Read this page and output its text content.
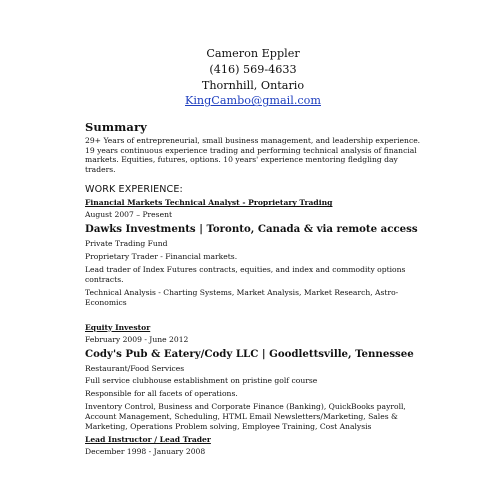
Cameron Eppler
(416) 569-4633
Thornhill, Ontario
KingCambo@gmail.com
Summary

29+ Years of entrepreneurial, small business management, and leadership experience. 19 years continuous experience trading and performing technical analysis of financial markets. Equities, futures, options. 10 years' experience mentoring fledgling day traders.

WORK EXPERIENCE:
Financial Markets Technical Analyst - Proprietary Trading
August 2007 – Present
Dawks Investments | Toronto, Canada & via remote access
Private Trading Fund
Proprietary Trader - Financial markets.
Lead trader of Index Futures contracts, equities, and index and commodity options contracts.
Technical Analysis - Charting Systems, Market Analysis, Market Research, Astro-Economics
Equity Investor
February 2009 - June 2012
Cody's Pub & Eatery/Cody LLC | Goodlettsville, Tennessee
Restaurant/Food Services
Full service clubhouse establishment on pristine golf course
Responsible for all facets of operations.
Inventory Control, Business and Corporate Finance (Banking), QuickBooks payroll, Account Management, Scheduling, HTML Email Newsletters/Marketing, Sales & Marketing, Operations Problem solving, Employee Training, Cost Analysis
Lead Instructor / Lead Trader
December 1998 - January 2008
